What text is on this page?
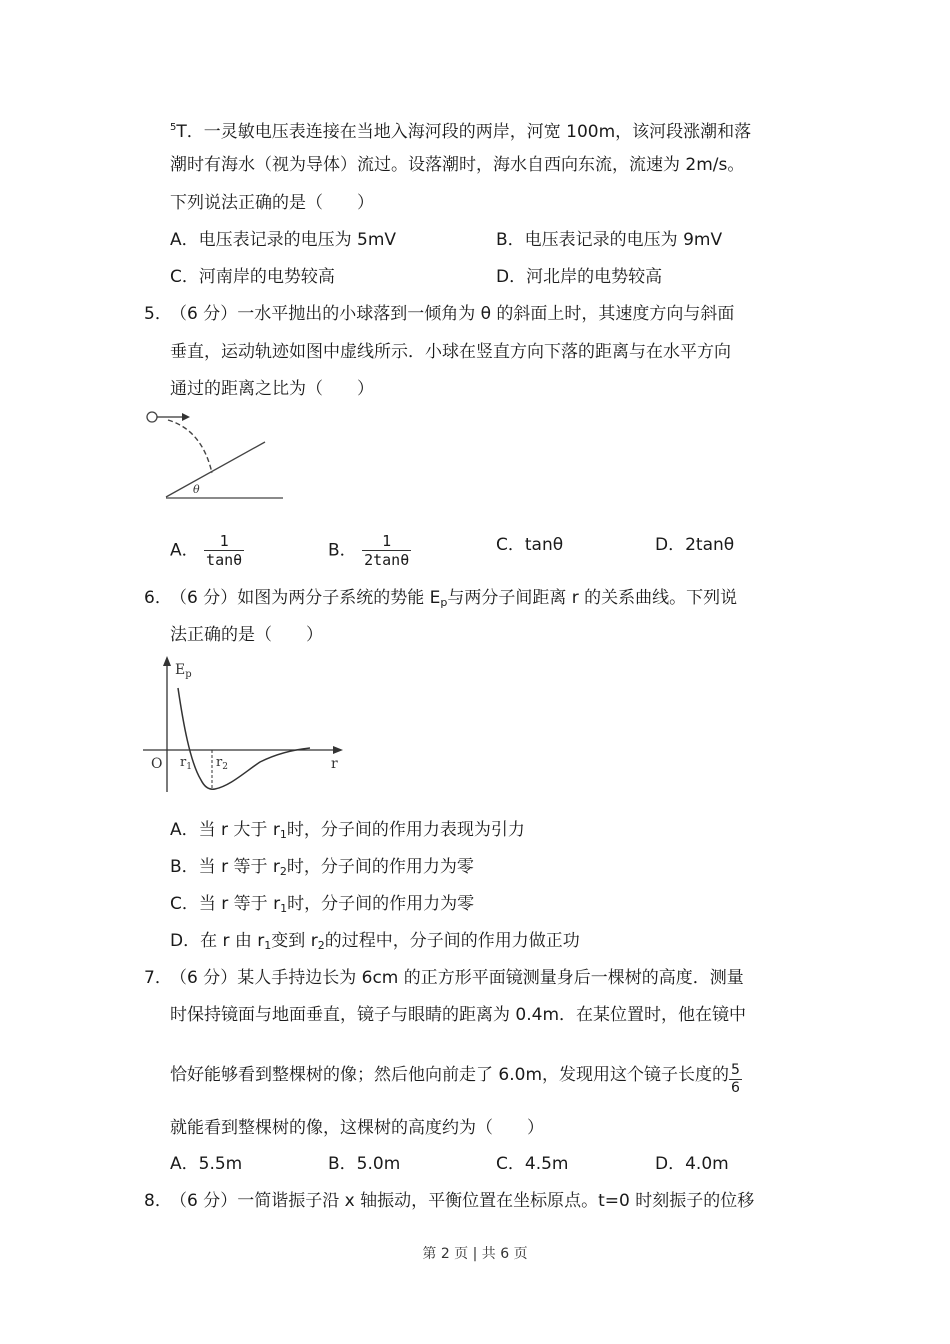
$^5$T．一灵敏电压表连接在当地入海河段的两岸，河宽 100m，该河段涨潮和落
潮时有海水（视为导体）流过。设落潮时，海水自西向东流，流速为 2m/s。
下列说法正确的是（　　）
A．电压表记录的电压为 5mV	B．电压表记录的电压为 9mV
C．河南岸的电势较高	D．河北岸的电势较高
5．
（6 分）一水平抛出的小球落到一倾角为 θ 的斜面上时，其速度方向与斜面
垂直，运动轨迹如图中虚线所示．小球在竖直方向下落的距离与在水平方向
通过的距离之比为（　　）
θ
A． $\frac{1}{\tan\theta}$	B． $\frac{1}{2\tan\theta}$	C．tanθ	D．2tanθ
6．
（6 分）如图为两分子系统的势能 $E_p$与两分子间距离 r 的关系曲线。下列说
法正确的是（　　）
$E_p$
O $r_1$ $r_2$	r
A．当 r 大于 $r_1$时，分子间的作用力表现为引力
B．当 r 等于 $r_2$时，分子间的作用力为零
C．当 r 等于 $r_1$时，分子间的作用力为零
D．在 r 由 $r_1$变到 $r_2$的过程中，分子间的作用力做正功
7．
（6 分）某人手持边长为 6cm 的正方形平面镜测量身后一棵树的高度．测量
时保持镜面与地面垂直，镜子与眼睛的距离为 0.4m．在某位置时，他在镜中
恰好能够看到整棵树的像；然后他向前走了 6.0m，发现用这个镜子长度的 $\frac{5}{6}$
就能看到整棵树的像，这棵树的高度约为（　　）
A．5.5m	B．5.0m	C．4.5m	D．4.0m
8．
（6 分）一简谐振子沿 x 轴振动，平衡位置在坐标原点。t=0 时刻振子的位移
第 2 页 | 共 6 页
